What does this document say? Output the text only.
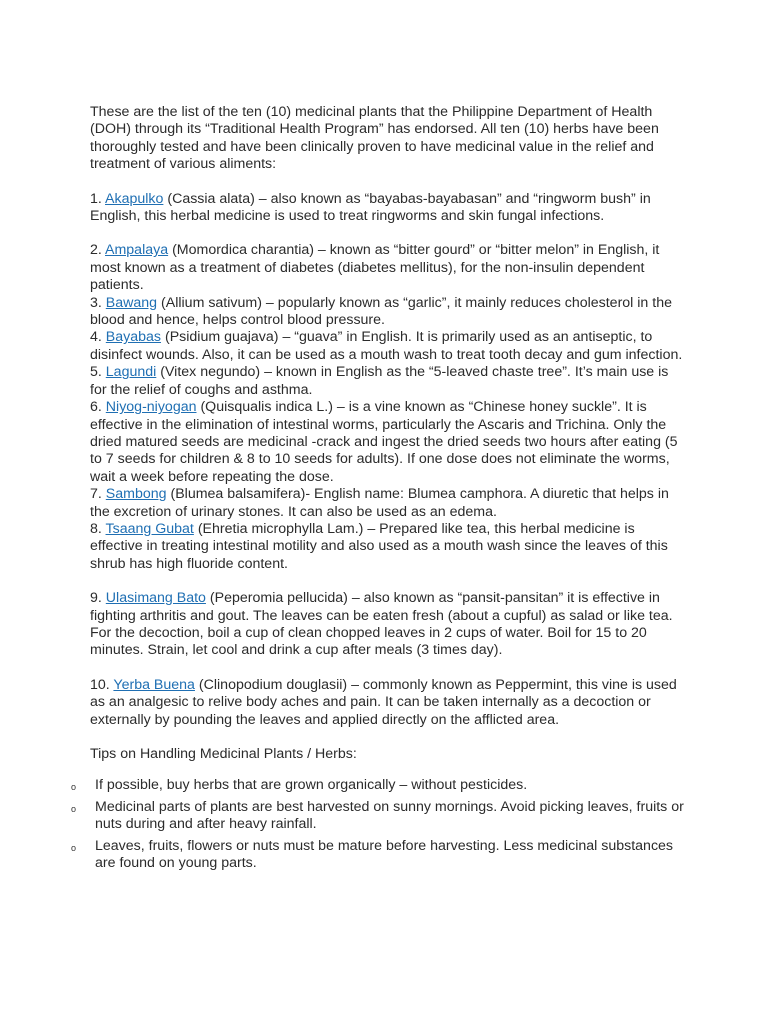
These are the list of the ten (10) medicinal plants that the Philippine Department of Health (DOH) through its “Traditional Health Program” has endorsed. All ten (10) herbs have been thoroughly tested and have been clinically proven to have medicinal value in the relief and treatment of various aliments:

1. Akapulko (Cassia alata) – also known as “bayabas-bayabasan” and “ringworm bush” in English, this herbal medicine is used to treat ringworms and skin fungal infections.

2. Ampalaya (Momordica charantia) – known as “bitter gourd” or “bitter melon” in English, it most known as a treatment of diabetes (diabetes mellitus), for the non-insulin dependent patients.

3. Bawang (Allium sativum) – popularly known as “garlic”, it mainly reduces cholesterol in the blood and hence, helps control blood pressure.

4. Bayabas (Psidium guajava) – “guava” in English. It is primarily used as an antiseptic, to disinfect wounds. Also, it can be used as a mouth wash to treat tooth decay and gum infection.

5. Lagundi (Vitex negundo) – known in English as the “5-leaved chaste tree”. It’s main use is for the relief of coughs and asthma.

6. Niyog-niyogan (Quisqualis indica L.) – is a vine known as “Chinese honey suckle”. It is effective in the elimination of intestinal worms, particularly the Ascaris and Trichina. Only the dried matured seeds are medicinal -crack and ingest the dried seeds two hours after eating (5 to 7 seeds for children & 8 to 10 seeds for adults). If one dose does not eliminate the worms, wait a week before repeating the dose.

7. Sambong (Blumea balsamifera)- English name: Blumea camphora. A diuretic that helps in the excretion of urinary stones. It can also be used as an edema.

8. Tsaang Gubat (Ehretia microphylla Lam.) – Prepared like tea, this herbal medicine is effective in treating intestinal motility and also used as a mouth wash since the leaves of this shrub has high fluoride content.

9. Ulasimang Bato (Peperomia pellucida) – also known as “pansit-pansitan” it is effective in fighting arthritis and gout. The leaves can be eaten fresh (about a cupful) as salad or like tea. For the decoction, boil a cup of clean chopped leaves in 2 cups of water. Boil for 15 to 20 minutes. Strain, let cool and drink a cup after meals (3 times day).

10. Yerba Buena (Clinopodium douglasii) – commonly known as Peppermint, this vine is used as an analgesic to relive body aches and pain. It can be taken internally as a decoction or externally by pounding the leaves and applied directly on the afflicted area.

Tips on Handling Medicinal Plants / Herbs:

o If possible, buy herbs that are grown organically – without pesticides.
o Medicinal parts of plants are best harvested on sunny mornings. Avoid picking leaves, fruits or nuts during and after heavy rainfall.
o Leaves, fruits, flowers or nuts must be mature before harvesting. Less medicinal substances are found on young parts.
